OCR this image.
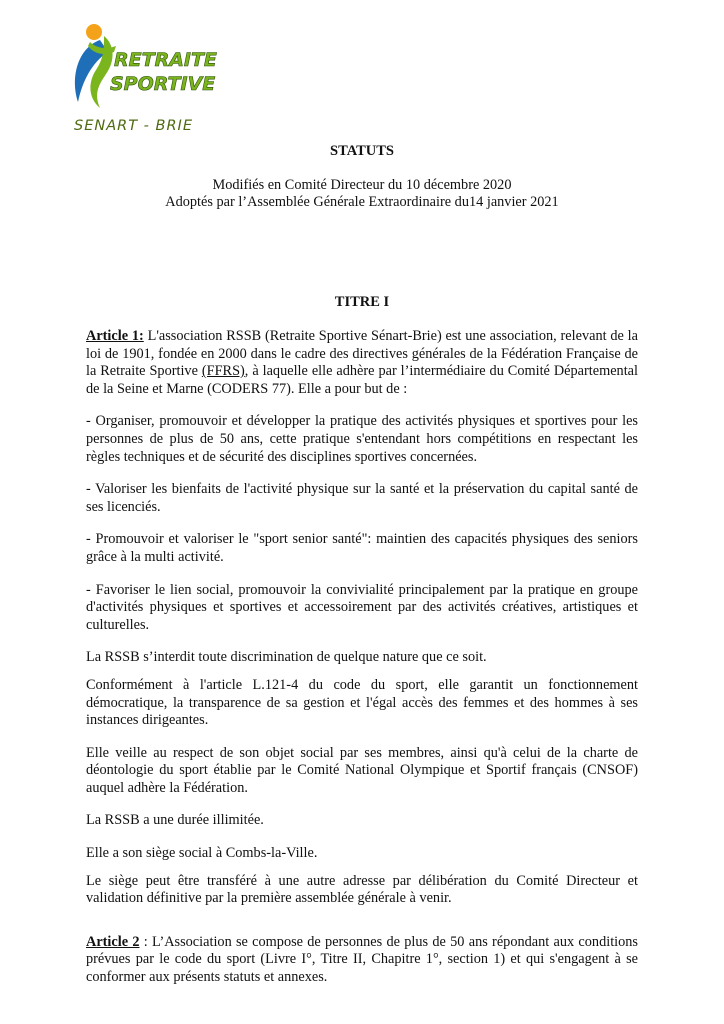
RETRAITE
SPORTIVE
SENART - BRIE
STATUTS
Modifiés en Comité Directeur du 10 décembre 2020
Adoptés par l’Assemblée Générale Extraordinaire du14 janvier 2021
TITRE I

Article 1: L'association RSSB (Retraite Sportive Sénart-Brie) est une association, relevant de la loi de 1901, fondée en 2000 dans le cadre des directives générales de la Fédération Française de la Retraite Sportive (FFRS), à laquelle elle adhère par l’intermédiaire du Comité Départemental de la Seine et Marne (CODERS 77). Elle a pour but de :

- Organiser, promouvoir et développer la pratique des activités physiques et sportives pour les personnes de plus de 50 ans, cette pratique s'entendant hors compétitions en respectant les règles techniques et de sécurité des disciplines sportives concernées.

- Valoriser les bienfaits de l'activité physique sur la santé et la préservation du capital santé de ses licenciés.

- Promouvoir et valoriser le "sport senior santé": maintien des capacités physiques des seniors grâce à la multi activité.

- Favoriser le lien social, promouvoir la convivialité principalement par la pratique en groupe d'activités physiques et sportives et accessoirement par des activités créatives, artistiques et culturelles.

La RSSB s’interdit toute discrimination de quelque nature que ce soit.

Conformément à l'article L.121-4 du code du sport, elle garantit un fonctionnement démocratique, la transparence de sa gestion et l'égal accès des femmes et des hommes à ses instances dirigeantes.

Elle veille au respect de son objet social par ses membres, ainsi qu'à celui de la charte de déontologie du sport établie par le Comité National Olympique et Sportif français (CNSOF) auquel adhère la Fédération.

La RSSB a une durée illimitée.

Elle a son siège social à Combs-la-Ville.

Le siège peut être transféré à une autre adresse par délibération du Comité Directeur et validation définitive par la première assemblée générale à venir.

Article 2 : L’Association se compose de personnes de plus de 50 ans répondant aux conditions prévues par le code du sport (Livre I°, Titre II, Chapitre 1°, section 1) et qui s'engagent à se conformer aux présents statuts et annexes.
